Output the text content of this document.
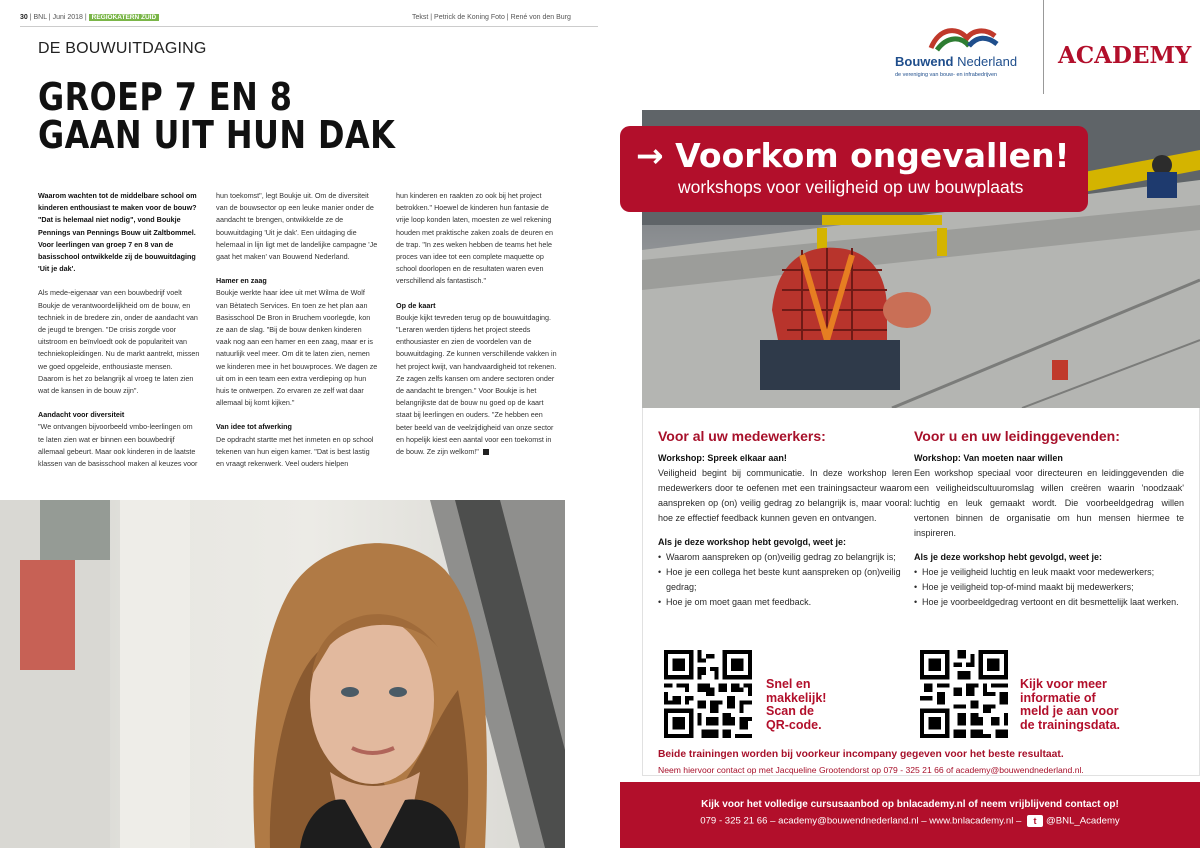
30 | BNL | Juni 2018 | REGIOKATERN ZUID	Tekst | Petrick de Koning Foto | René von den Burg
DE BOUWUITDAGING
GROEP 7 EN 8
GAAN UIT HUN DAK

Waarom wachten tot de middelbare school om kinderen enthousiast te maken voor de bouw? "Dat is helemaal niet nodig", vond Boukje Pennings van Pennings Bouw uit Zaltbommel. Voor leerlingen van groep 7 en 8 van de basisschool ontwikkelde zij de bouwuitdaging 'Uit je dak'.

Als mede-eigenaar van een bouwbedrijf voelt Boukje de verantwoordelijkheid om de bouw, en techniek in de bredere zin, onder de aandacht van de jeugd te brengen. "De crisis zorgde voor uitstroom en beïnvloedt ook de populariteit van techniekopleidingen. Nu de markt aantrekt, missen we goed opgeleide, enthousiaste mensen. Daarom is het zo belangrijk al vroeg te laten zien wat de kansen in de bouw zijn".

Aandacht voor diversiteit

"We ontvangen bijvoorbeeld vmbo-leerlingen om te laten zien wat er binnen een bouwbedrijf allemaal gebeurt. Maar ook kinderen in de laatste klassen van de basisschool maken al keuzes voor

hun toekomst", legt Boukje uit. Om de diversiteit van de bouwsector op een leuke manier onder de aandacht te brengen, ontwikkelde ze de bouwuitdaging 'Uit je dak'. Een uitdaging die helemaal in lijn ligt met de landelijke campagne 'Je gaat het maken' van Bouwend Nederland.

Hamer en zaag

Boukje werkte haar idee uit met Wilma de Wolf van Bètatech Services. En toen ze het plan aan Basisschool De Bron in Bruchem voorlegde, kon ze aan de slag. "Bij de bouw denken kinderen vaak nog aan een hamer en een zaag, maar er is natuurlijk veel meer. Om dit te laten zien, nemen we kinderen mee in het bouwproces. We dagen ze uit om in een team een extra verdieping op hun huis te ontwerpen. Zo ervaren ze zelf wat daar allemaal bij komt kijken."

Van idee tot afwerking

De opdracht startte met het inmeten en op school tekenen van hun eigen kamer. "Dat is best lastig en vraagt rekenwerk. Veel ouders hielpen

hun kinderen en raakten zo ook bij het project betrokken." Hoewel de kinderen hun fantasie de vrije loop konden laten, moesten ze wel rekening houden met praktische zaken zoals de deuren en de trap. "In zes weken hebben de teams het hele proces van idee tot een complete maquette op school doorlopen en de resultaten waren even verschillend als fantastisch."

Op de kaart

Boukje kijkt tevreden terug op de bouwuitdaging. "Leraren werden tijdens het project steeds enthousiaster en zien de voordelen van de bouwuitdaging. Ze kunnen verschillende vakken in het project kwijt, van handvaardigheid tot rekenen. Ze zagen zelfs kansen om andere sectoren onder de aandacht te brengen." Voor Boukje is het belangrijkste dat de bouw nu goed op de kaart staat bij leerlingen en ouders. "Ze hebben een beter beeld van de veelzijdigheid van onze sector en hopelijk kiest een aantal voor een toekomst in de bouw. Ze zijn welkom!"

Bouwend Nederland
de vereniging van bouw- en infrabedrijven
ACADEMY
→ Voorkom ongevallen!
workshops voor veiligheid op uw bouwplaats
Voor al uw medewerkers:
Workshop: Spreek elkaar aan!
Veiligheid begint bij communicatie. In deze workshop leren medewerkers door te oefenen met een trainingsacteur waarom aanspreken op (on) veilig gedrag zo belangrijk is, maar vooral: hoe ze effectief feedback kunnen geven en ontvangen.
Als je deze workshop hebt gevolgd, weet je:
• Waarom aanspreken op (on)veilig gedrag zo belangrijk is;
• Hoe je een collega het beste kunt aanspreken op (on)veilig gedrag;
• Hoe je om moet gaan met feedback.
Voor u en uw leidinggevenden:
Workshop: Van moeten naar willen
Een workshop speciaal voor directeuren en leidinggevenden die een veiligheidscultuuromslag willen creëren waarin 'noodzaak' luchtig en leuk gemaakt wordt. Die voorbeeldgedrag willen vertonen binnen de organisatie om hun mensen hiermee te inspireren.
Als je deze workshop hebt gevolgd, weet je:
• Hoe je veiligheid luchtig en leuk maakt voor medewerkers;
• Hoe je veiligheid top-of-mind maakt bij medewerkers;
• Hoe je voorbeeldgedrag vertoont en dit besmettelijk laat werken.
Snel en
makkelijk!
Scan de
QR-code.
Kijk voor meer
informatie of
meld je aan voor
de trainingsdata.
Beide trainingen worden bij voorkeur incompany gegeven voor het beste resultaat.
Neem hiervoor contact op met Jacqueline Grootendorst op 079 - 325 21 66 of academy@bouwendnederland.nl.
Kijk voor het volledige cursusaanbod op bnlacademy.nl of neem vrijblijvend contact op!
079 - 325 21 66 – academy@bouwendnederland.nl – www.bnlacademy.nl – t @BNL_Academy
